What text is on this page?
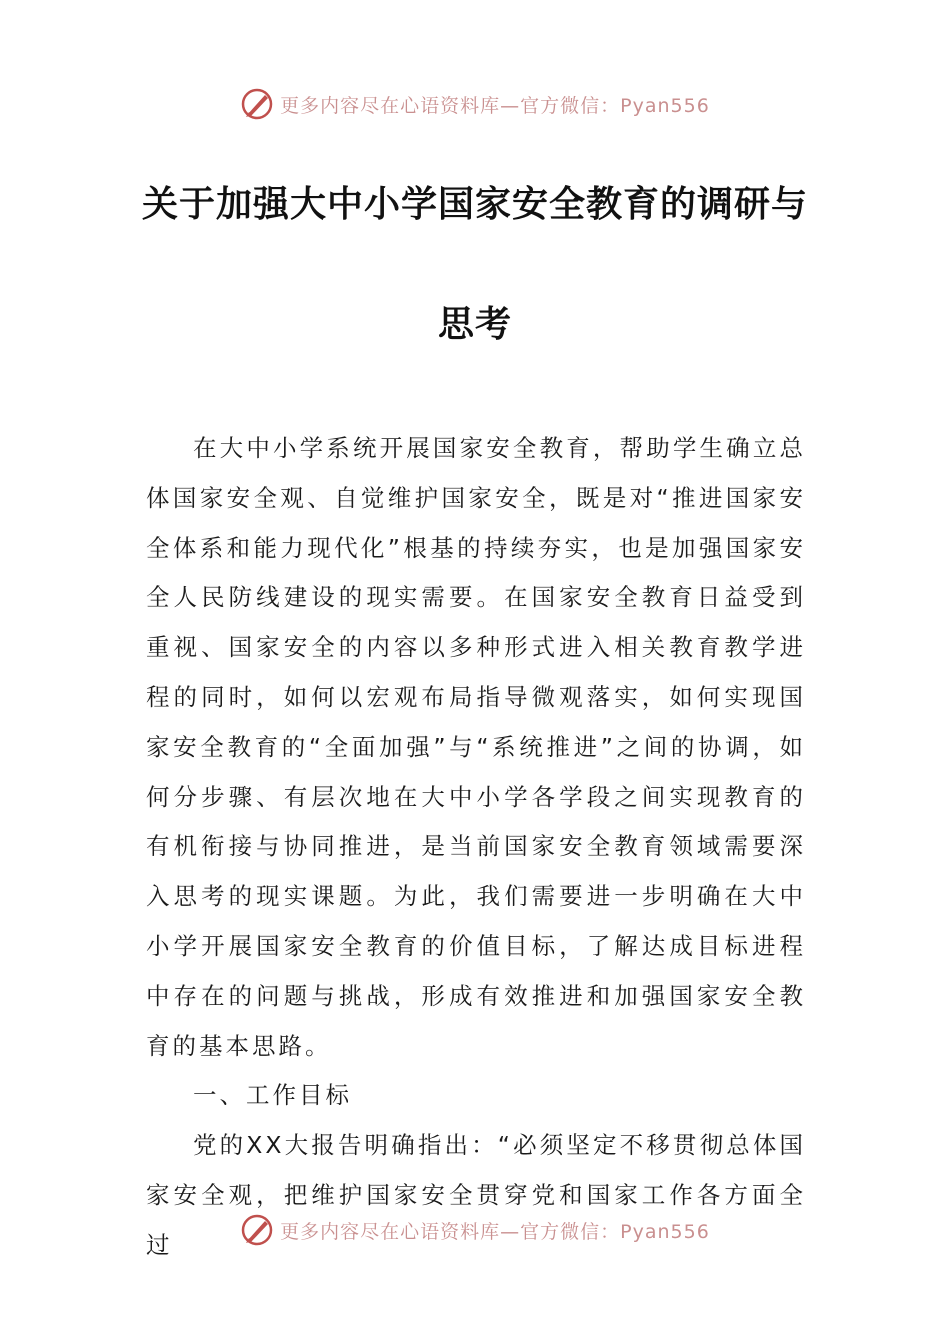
更多内容尽在心语资料库—官方微信：Pyan556
关于加强大中小学国家安全教育的调研与
思考

在大中小学系统开展国家安全教育，帮助学生确立总体国家安全观、自觉维护国家安全，既是对“推进国家安全体系和能力现代化”根基的持续夯实，也是加强国家安全人民防线建设的现实需要。在国家安全教育日益受到重视、国家安全的内容以多种形式进入相关教育教学进程的同时，如何以宏观布局指导微观落实，如何实现国家安全教育的“全面加强”与“系统推进”之间的协调，如何分步骤、有层次地在大中小学各学段之间实现教育的有机衔接与协同推进，是当前国家安全教育领域需要深入思考的现实课题。为此，我们需要进一步明确在大中小学开展国家安全教育的价值目标，了解达成目标进程中存在的问题与挑战，形成有效推进和加强国家安全教育的基本思路。

一、工作目标

党的XX大报告明确指出：“必须坚定不移贯彻总体国家安全观，把维护国家安全贯穿党和国家工作各方面全过	更多内容尽在心语资料库—官方微信：Pyan556
